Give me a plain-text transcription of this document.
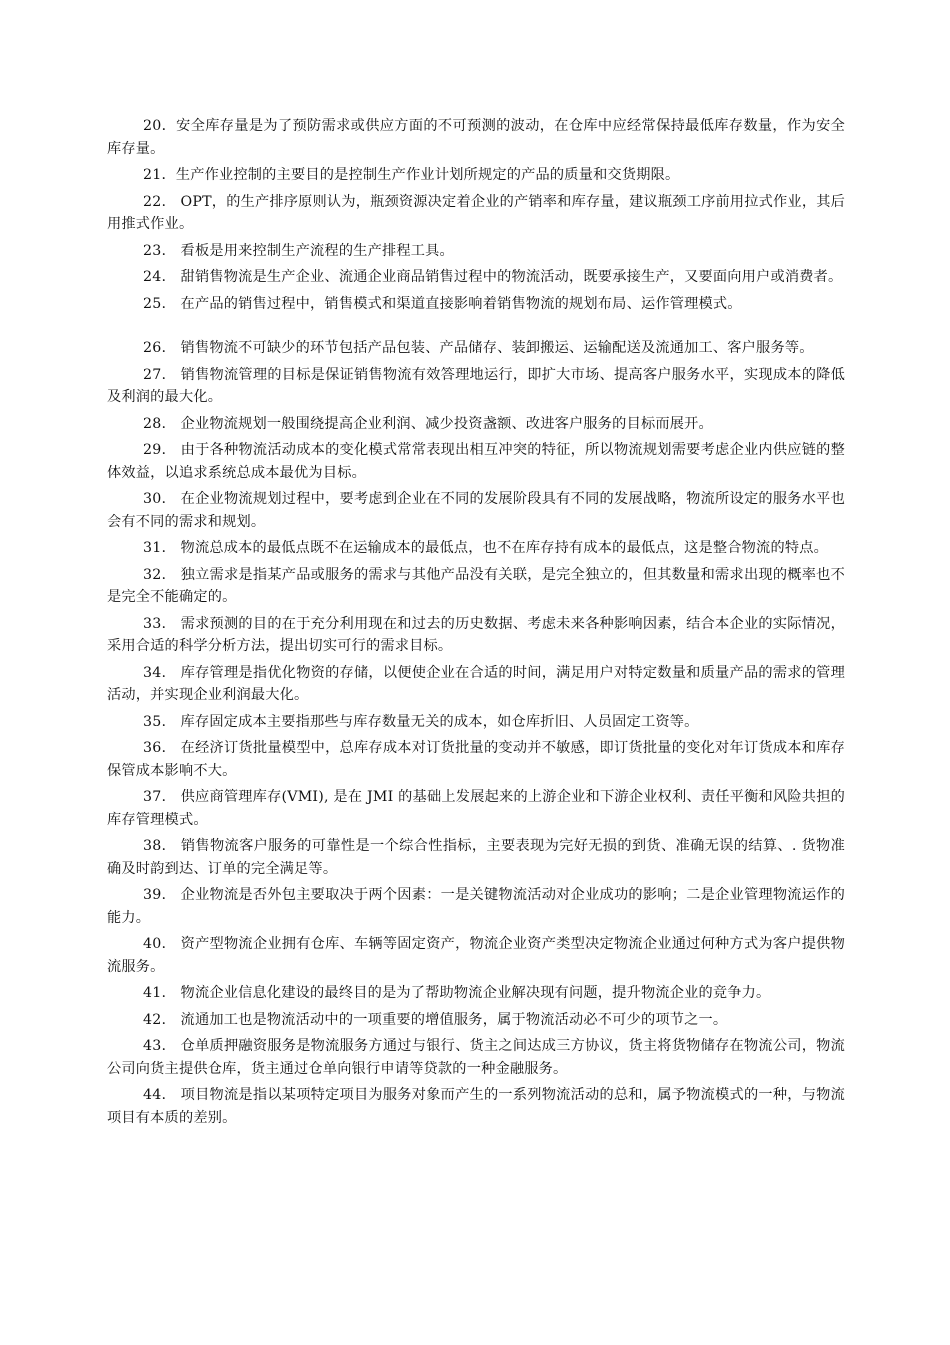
20．安全库存量是为了预防需求或供应方面的不可预测的波动，在仓库中应经常保持最低库存数量，作为安全库存量。

21．生产作业控制的主要目的是控制生产作业计划所规定的产品的质量和交货期限。

22.　OPT，的生产排序原则认为，瓶颈资源决定着企业的产销率和库存量，建议瓶颈工序前用拉式作业，其后用推式作业。

23.　看板是用来控制生产流程的生产排程工具。

24.　甜销售物流是生产企业、流通企业商品销售过程中的物流活动，既要承接生产，又要面向用户或消费者。

25.　在产品的销售过程中，销售模式和渠道直接影响着销售物流的规划布局、运作管理模式。

26.　销售物流不可缺少的环节包括产品包装、产品储存、装卸搬运、运输配送及流通加工、客户服务等。

27.　销售物流管理的目标是保证销售物流有效答理地运行，即扩大市场、提高客户服务水平，实现成本的降低及利润的最大化。

28.　企业物流规划一般围绕提高企业利润、减少投资盏额、改进客户服务的目标而展开。

29.　由于各种物流活动成本的变化模式常常表现出相互冲突的特征，所以物流规划需要考虑企业内供应链的整体效益，以追求系统总成本最优为目标。

30.　在企业物流规划过程中，要考虑到企业在不同的发展阶段具有不同的发展战略，物流所设定的服务水平也会有不同的需求和规划。

31.　物流总成本的最低点既不在运输成本的最低点，也不在库存持有成本的最低点，这是整合物流的特点。

32.　独立需求是指某产品或服务的需求与其他产品没有关联，是完全独立的，但其数量和需求出现的概率也不是完全不能确定的。

33.　需求预测的目的在于充分利用现在和过去的历史数据、考虑未来各种影响因素，结合本企业的实际情况，采用合适的科学分析方法，提出切实可行的需求目标。

34.　库存管理是指优化物资的存储，以便使企业在合适的时间，满足用户对特定数量和质量产品的需求的管理活动，并实现企业利润最大化。

35.　库存固定成本主要指那些与库存数量无关的成本，如仓库折旧、人员固定工资等。

36.　在经济订货批量模型中，总库存成本对订货批量的变动并不敏感，即订货批量的变化对年订货成本和库存保管成本影响不大。

37.　供应商管理库存(VMI), 是在 JMI 的基础上发展起来的上游企业和下游企业权利、责任平衡和风险共担的库存管理模式。

38.　销售物流客户服务的可靠性是一个综合性指标，主要表现为完好无损的到货、准确无误的结算、. 货物准确及时韵到达、订单的完全满足等。

39.　企业物流是否外包主要取决于两个因素：一是关键物流活动对企业成功的影响；二是企业管理物流运作的能力。

40.　资产型物流企业拥有仓库、车辆等固定资产，物流企业资产类型决定物流企业通过何种方式为客户提供物流服务。

41.　物流企业信息化建设的最终目的是为了帮助物流企业解决现有问题，提升物流企业的竞争力。

42.　流通加工也是物流活动中的一项重要的增值服务，属于物流活动必不可少的项节之一。

43.　仓单质押融资服务是物流服务方通过与银行、货主之间达成三方协议，货主将货物储存在物流公司，物流公司向货主提供仓库，货主通过仓单向银行申请等贷款的一种金融服务。

44.　项目物流是指以某项特定项目为服务对象而产生的一系列物流活动的总和，属予物流模式的一种，与物流项目有本质的差别。
